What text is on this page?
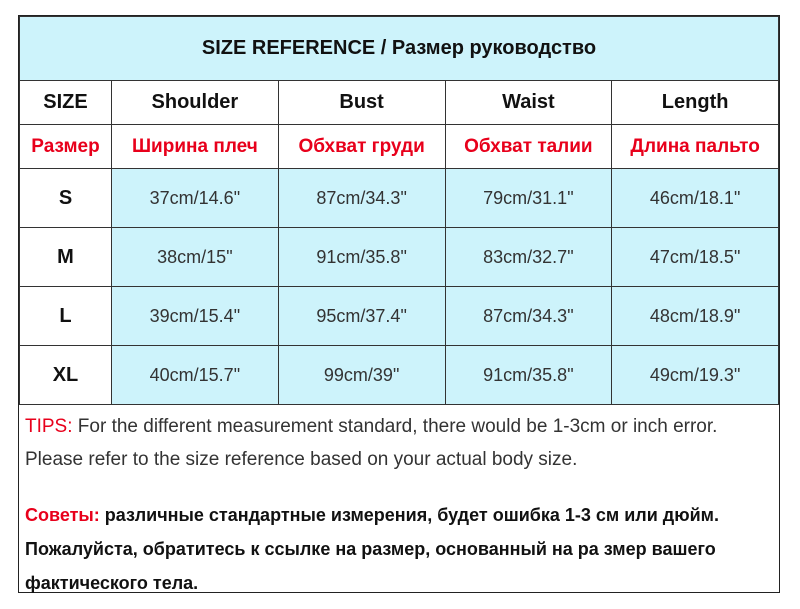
SIZE REFERENCE / Размер руководство				
SIZE	Shoulder	Bust	Waist	Length
Размер	Ширина плеч	Обхват груди	Обхват талии	Длина пальто
S	37cm/14.6"	87cm/34.3"	79cm/31.1"	46cm/18.1"
M	38cm/15"	91cm/35.8"	83cm/32.7"	47cm/18.5"
L	39cm/15.4"	95cm/37.4"	87cm/34.3"	48cm/18.9"
XL	40cm/15.7"	99cm/39"	91cm/35.8"	49cm/19.3"

TIPS: For the different measurement standard, there would be 1-3cm or inch error. Please refer to the size reference based on your actual body size.

Советы: различные стандартные измерения, будет ошибка 1-3 см или дюйм. Пожалуйста, обратитесь к ссылке на размер, основанный на ра змер вашего фактического тела.
